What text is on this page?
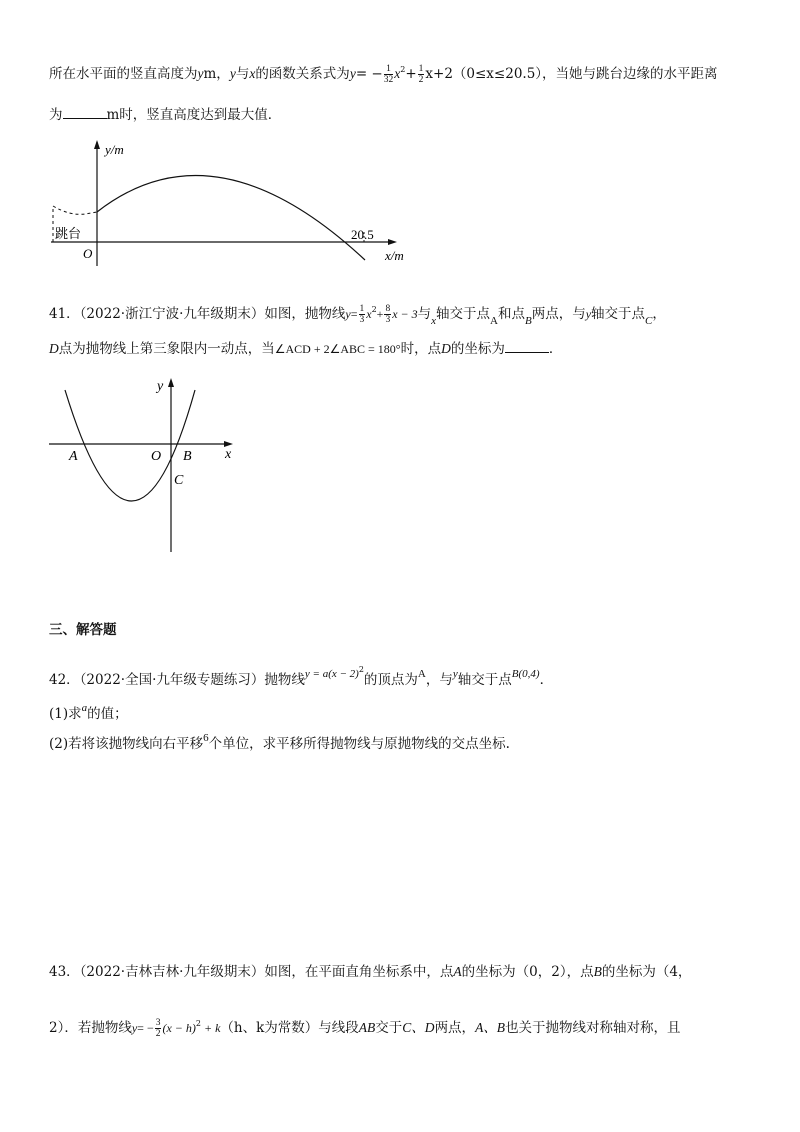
所在水平面的竖直高度为ym，y与x的函数关系式为$y= - \frac{1}{32} x^2+ \frac{1}{2} x+2(0\le x\le 20.5)$，当她与跳台边缘的水平距离
为	m时，竖直高度达到最大值．
y/m
x/m
O
跳台	20.5
41．（2022·浙江宁波·九年级期末）如图，抛物线$y= \frac{1}{3} x^2+ \frac{8}{3}$ x − 3与$_x$轴交于点$_A$和点$_B$两点，与y轴交于点$_C$，
D点为抛物线上第三象限内一动点，当∠ACD + 2∠ABC = 180°时，点D的坐标为	．
x
y
A	O B
C
三、解答题
42．（2022·全国·九年级专题练习）抛物线$^{y = a(x - 2)2}$的顶点为$^A$，与$^y$轴交于点$^{B(0,4)}$．
(1)求$^a$的值；
(2)若将该抛物线向右平移$^6$个单位，求平移所得抛物线与原抛物线的交点坐标.
43．（2022·吉林吉林·九年级期末）如图，在平面直角坐标系中，点A的坐标为（0，2），点B的坐标为（4，
2）．若抛物线$y= - \frac{3}{2} (x - h)^2 + k(h$、k为常数）与线段AB交于C、D两点，A、B也关于抛物线对称轴对称，且
